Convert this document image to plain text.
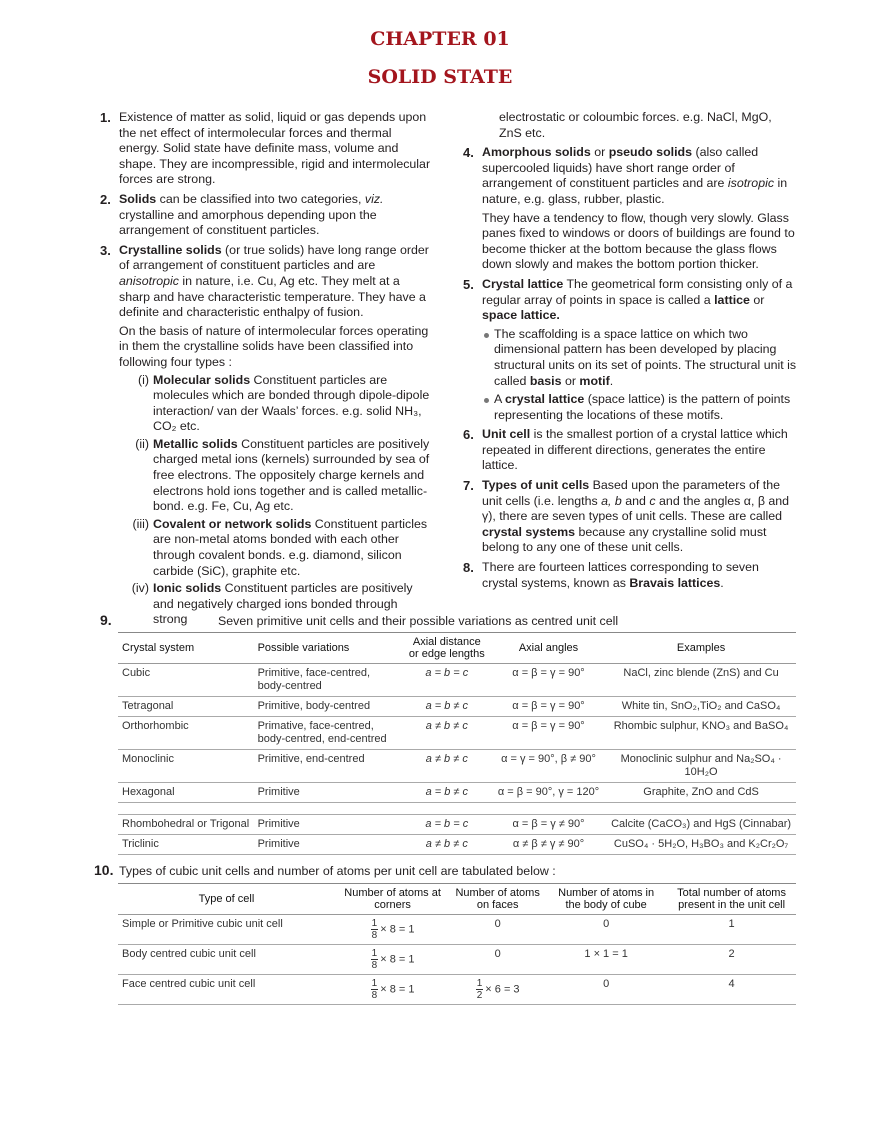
CHAPTER 01
SOLID STATE
1. Existence of matter as solid, liquid or gas depends upon the net effect of intermolecular forces and thermal energy. Solid state have definite mass, volume and shape. They are incompressible, rigid and intermolecular forces are strong.
2. Solids can be classified into two categories, viz. crystalline and amorphous depending upon the arrangement of constituent particles.
3. Crystalline solids (or true solids) have long range order of arrangement of constituent particles and are anisotropic in nature, i.e. Cu, Ag etc. They melt at a sharp and have characteristic temperature. They have a definite and characteristic enthalpy of fusion.
On the basis of nature of intermolecular forces operating in them the crystalline solids have been classified into following four types :
(i) Molecular solids Constituent particles are molecules which are bonded through dipole-dipole interaction/ van der Waals’ forces. e.g. solid NH₃, CO₂ etc.
(ii) Metallic solids Constituent particles are positively charged metal ions (kernels) surrounded by sea of free electrons. The oppositely charge kernels and electrons hold ions together and is called metallic-bond. e.g. Fe, Cu, Ag etc.
(iii) Covalent or network solids Constituent particles are non-metal atoms bonded with each other through covalent bonds. e.g. diamond, silicon carbide (SiC), graphite etc.
(iv) Ionic solids Constituent particles are positively and negatively charged ions bonded through strong
electrostatic or coloumbic forces. e.g. NaCl, MgO, ZnS etc.
4. Amorphous solids or pseudo solids (also called supercooled liquids) have short range order of arrangement of constituent particles and are isotropic in nature, e.g. glass, rubber, plastic.
They have a tendency to flow, though very slowly. Glass panes fixed to windows or doors of buildings are found to become thicker at the bottom because the glass flows down slowly and makes the bottom portion thicker.
5. Crystal lattice The geometrical form consisting only of a regular array of points in space is called a lattice or space lattice.
The scaffolding is a space lattice on which two dimensional pattern has been developed by placing structural units on its set of points. The structural unit is called basis or motif.
A crystal lattice (space lattice) is the pattern of points representing the locations of these motifs.
6. Unit cell is the smallest portion of a crystal lattice which repeated in different directions, generates the entire lattice.
7. Types of unit cells Based upon the parameters of the unit cells (i.e. lengths a, b and c and the angles α, β and γ), there are seven types of unit cells. These are called crystal systems because any crystalline solid must belong to any one of these unit cells.
8. There are fourteen lattices corresponding to seven crystal systems, known as Bravais lattices.
9.	Seven primitive unit cells and their possible variations as centred unit cell
Crystal system	Possible variations	Axial distance or edge lengths	Axial angles	Examples
Cubic	Primitive, face-centred, body-centred	a = b = c	α = β = γ = 90°	NaCl, zinc blende (ZnS) and Cu
Tetragonal	Primitive, body-centred	a = b ≠ c	α = β = γ = 90°	White tin, SnO₂,TiO₂ and CaSO₄
Orthorhombic	Primative, face-centred, body-centred, end-centred	a ≠ b ≠ c	α = β = γ = 90°	Rhombic sulphur, KNO₃ and BaSO₄
Monoclinic	Primitive, end-centred	a ≠ b ≠ c	α = γ = 90°, β ≠ 90°	Monoclinic sulphur and Na₂SO₄ · 10H₂O
Hexagonal	Primitive	a = b ≠ c	α = β = 90°, γ = 120°	Graphite, ZnO and CdS

Rhombohedral or Trigonal	Primitive	a = b = c	α = β = γ ≠ 90°	Calcite (CaCO₃) and HgS (Cinnabar)
Triclinic	Primitive	a ≠ b ≠ c	α ≠ β ≠ γ ≠ 90°	CuSO₄ · 5H₂O, H₃BO₃ and K₂Cr₂O₇
10. Types of cubic unit cells and number of atoms per unit cell are tabulated below :
Type of cell	Number of atoms at corners	Number of atoms on faces	Number of atoms in the body of cube	Total number of atoms present in the unit cell
Simple or Primitive cubic unit cell	$\frac{1}{8} \times 8 = 1$	0	0	1
Body centred cubic unit cell	$\frac{1}{8} \times 8 = 1$	0	1 × 1 = 1	2
Face centred cubic unit cell	$\frac{1}{8} \times 8 = 1$	$\frac{1}{2} \times 6 = 3$	0	4
